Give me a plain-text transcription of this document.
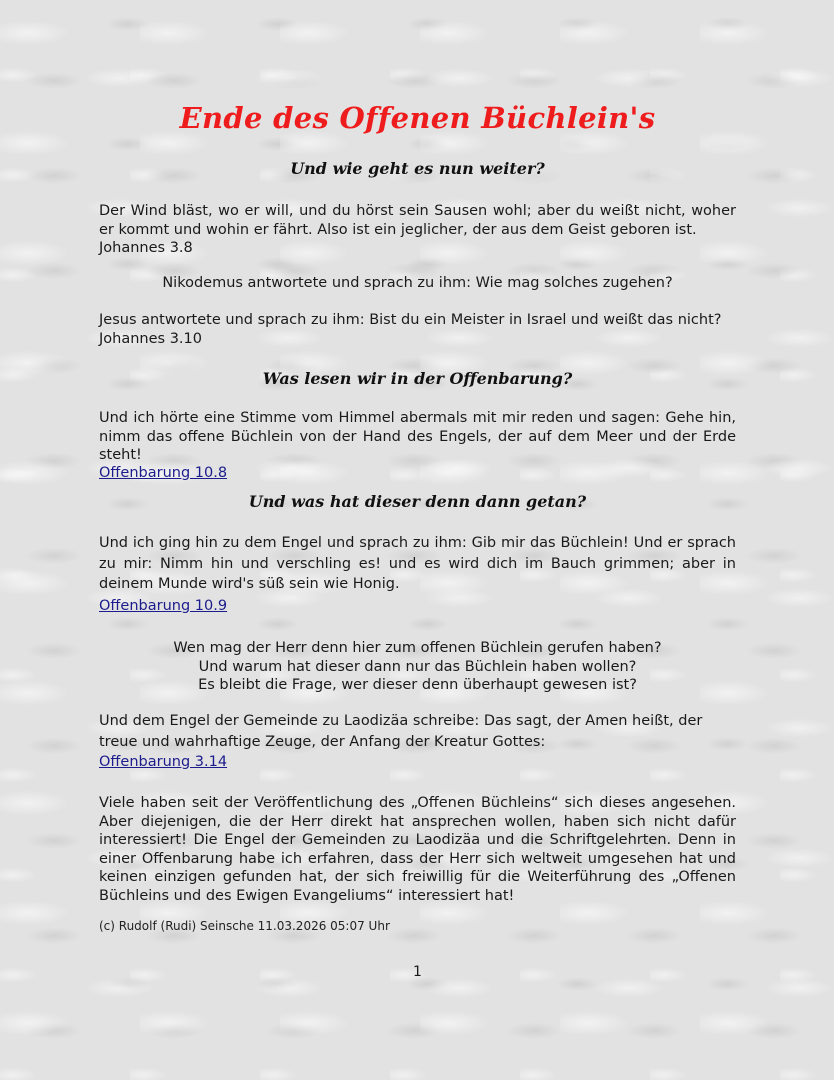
Ende des Offenen Büchlein's
Und wie geht es nun weiter?
Der Wind bläst, wo er will, und du hörst sein Sausen wohl; aber du weißt nicht, woher er kommt und wohin er fährt. Also ist ein jeglicher, der aus dem Geist geboren ist.
Johannes 3.8

Nikodemus antwortete und sprach zu ihm: Wie mag solches zugehen?

Jesus antwortete und sprach zu ihm: Bist du ein Meister in Israel und weißt das nicht?
Johannes 3.10
Was lesen wir in der Offenbarung?

Und ich hörte eine Stimme vom Himmel abermals mit mir reden und sagen: Gehe hin, nimm das offene Büchlein von der Hand des Engels, der auf dem Meer und der Erde steht!

Offenbarung 10.8

Und was hat dieser denn dann getan?

Und ich ging hin zu dem Engel und sprach zu ihm: Gib mir das Büchlein! Und er sprach zu mir: Nimm hin und verschling es! und es wird dich im Bauch grimmen; aber in deinem Munde wird's süß sein wie Honig.

Offenbarung 10.9

Wen mag der Herr denn hier zum offenen Büchlein gerufen haben?
Und warum hat dieser dann nur das Büchlein haben wollen?
Es bleibt die Frage, wer dieser denn überhaupt gewesen ist?

Und dem Engel der Gemeinde zu Laodizäa schreibe: Das sagt, der Amen heißt, der treue und wahrhaftige Zeuge, der Anfang der Kreatur Gottes:

Offenbarung 3.14

Viele haben seit der Veröffentlichung des „Offenen Büchleins“ sich dieses angesehen. Aber diejenigen, die der Herr direkt hat ansprechen wollen, haben sich nicht dafür interessiert! Die Engel der Gemeinden zu Laodizäa und die Schriftgelehrten. Denn in einer Offenbarung habe ich erfahren, dass der Herr sich weltweit umgesehen hat und keinen einzigen gefunden hat, der sich freiwillig für die Weiterführung des „Offenen Büchleins und des Ewigen Evangeliums“ interessiert hat!

(c) Rudolf (Rudi) Seinsche 11.03.2026 05:07 Uhr

1
